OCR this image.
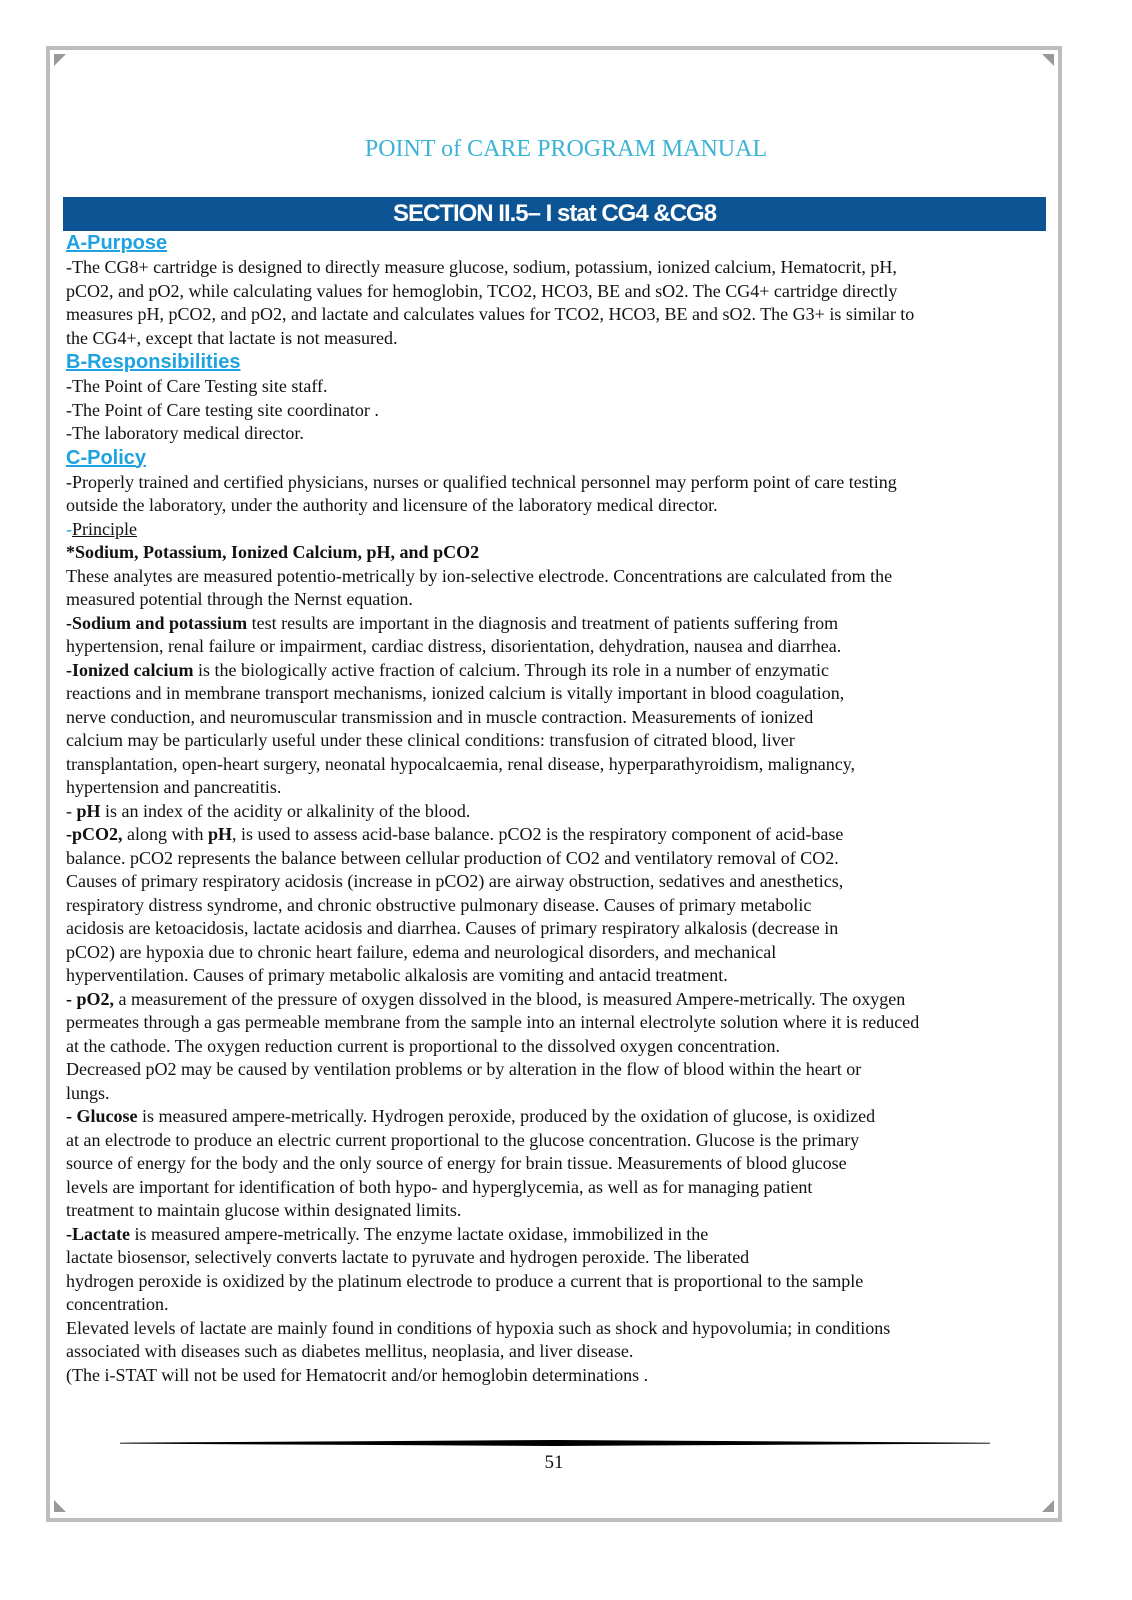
POINT of CARE PROGRAM MANUAL
SECTION II.5– I stat CG4 &CG8
A-Purpose
-The CG8+ cartridge is designed to directly measure glucose, sodium, potassium, ionized calcium, Hematocrit, pH,
pCO2, and pO2, while calculating values for hemoglobin, TCO2, HCO3, BE and sO2. The CG4+ cartridge directly
measures pH, pCO2, and pO2, and lactate and calculates values for TCO2, HCO3, BE and sO2. The G3+ is similar to
the CG4+, except that lactate is not measured.
B-Responsibilities
-The Point of Care Testing site staff.
-The Point of Care testing site coordinator .
-The laboratory medical director.
C-Policy
-Properly trained and certified physicians, nurses or qualified technical personnel may perform point of care testing
outside the laboratory, under the authority and licensure of the laboratory medical director.
-Principle
*Sodium, Potassium, Ionized Calcium, pH, and pCO2
These analytes are measured potentio-metrically by ion-selective electrode. Concentrations are calculated from the
measured potential through the Nernst equation.
-Sodium and potassium test results are important in the diagnosis and treatment of patients suffering from
hypertension, renal failure or impairment, cardiac distress, disorientation, dehydration, nausea and diarrhea.
-Ionized calcium is the biologically active fraction of calcium. Through its role in a number of enzymatic
reactions and in membrane transport mechanisms, ionized calcium is vitally important in blood coagulation,
nerve conduction, and neuromuscular transmission and in muscle contraction. Measurements of ionized
calcium may be particularly useful under these clinical conditions: transfusion of citrated blood, liver
transplantation, open-heart surgery, neonatal hypocalcaemia, renal disease, hyperparathyroidism, malignancy,
hypertension and pancreatitis.
- pH is an index of the acidity or alkalinity of the blood.
-pCO2, along with pH, is used to assess acid-base balance. pCO2 is the respiratory component of acid-base
balance. pCO2 represents the balance between cellular production of CO2 and ventilatory removal of CO2.
Causes of primary respiratory acidosis (increase in pCO2) are airway obstruction, sedatives and anesthetics,
respiratory distress syndrome, and chronic obstructive pulmonary disease. Causes of primary metabolic
acidosis are ketoacidosis, lactate acidosis and diarrhea. Causes of primary respiratory alkalosis (decrease in
pCO2) are hypoxia due to chronic heart failure, edema and neurological disorders, and mechanical
hyperventilation. Causes of primary metabolic alkalosis are vomiting and antacid treatment.
- pO2, a measurement of the pressure of oxygen dissolved in the blood, is measured Ampere-metrically. The oxygen
permeates through a gas permeable membrane from the sample into an internal electrolyte solution where it is reduced
at the cathode. The oxygen reduction current is proportional to the dissolved oxygen concentration.
Decreased pO2 may be caused by ventilation problems or by alteration in the flow of blood within the heart or
lungs.
- Glucose is measured ampere-metrically. Hydrogen peroxide, produced by the oxidation of glucose, is oxidized
at an electrode to produce an electric current proportional to the glucose concentration. Glucose is the primary
source of energy for the body and the only source of energy for brain tissue. Measurements of blood glucose
levels are important for identification of both hypo- and hyperglycemia, as well as for managing patient
treatment to maintain glucose within designated limits.
-Lactate is measured ampere-metrically. The enzyme lactate oxidase, immobilized in the
lactate biosensor, selectively converts lactate to pyruvate and hydrogen peroxide. The liberated
hydrogen peroxide is oxidized by the platinum electrode to produce a current that is proportional to the sample
concentration.
Elevated levels of lactate are mainly found in conditions of hypoxia such as shock and hypovolumia; in conditions
associated with diseases such as diabetes mellitus, neoplasia, and liver disease.
(The i-STAT will not be used for Hematocrit and/or hemoglobin determinations .
51
